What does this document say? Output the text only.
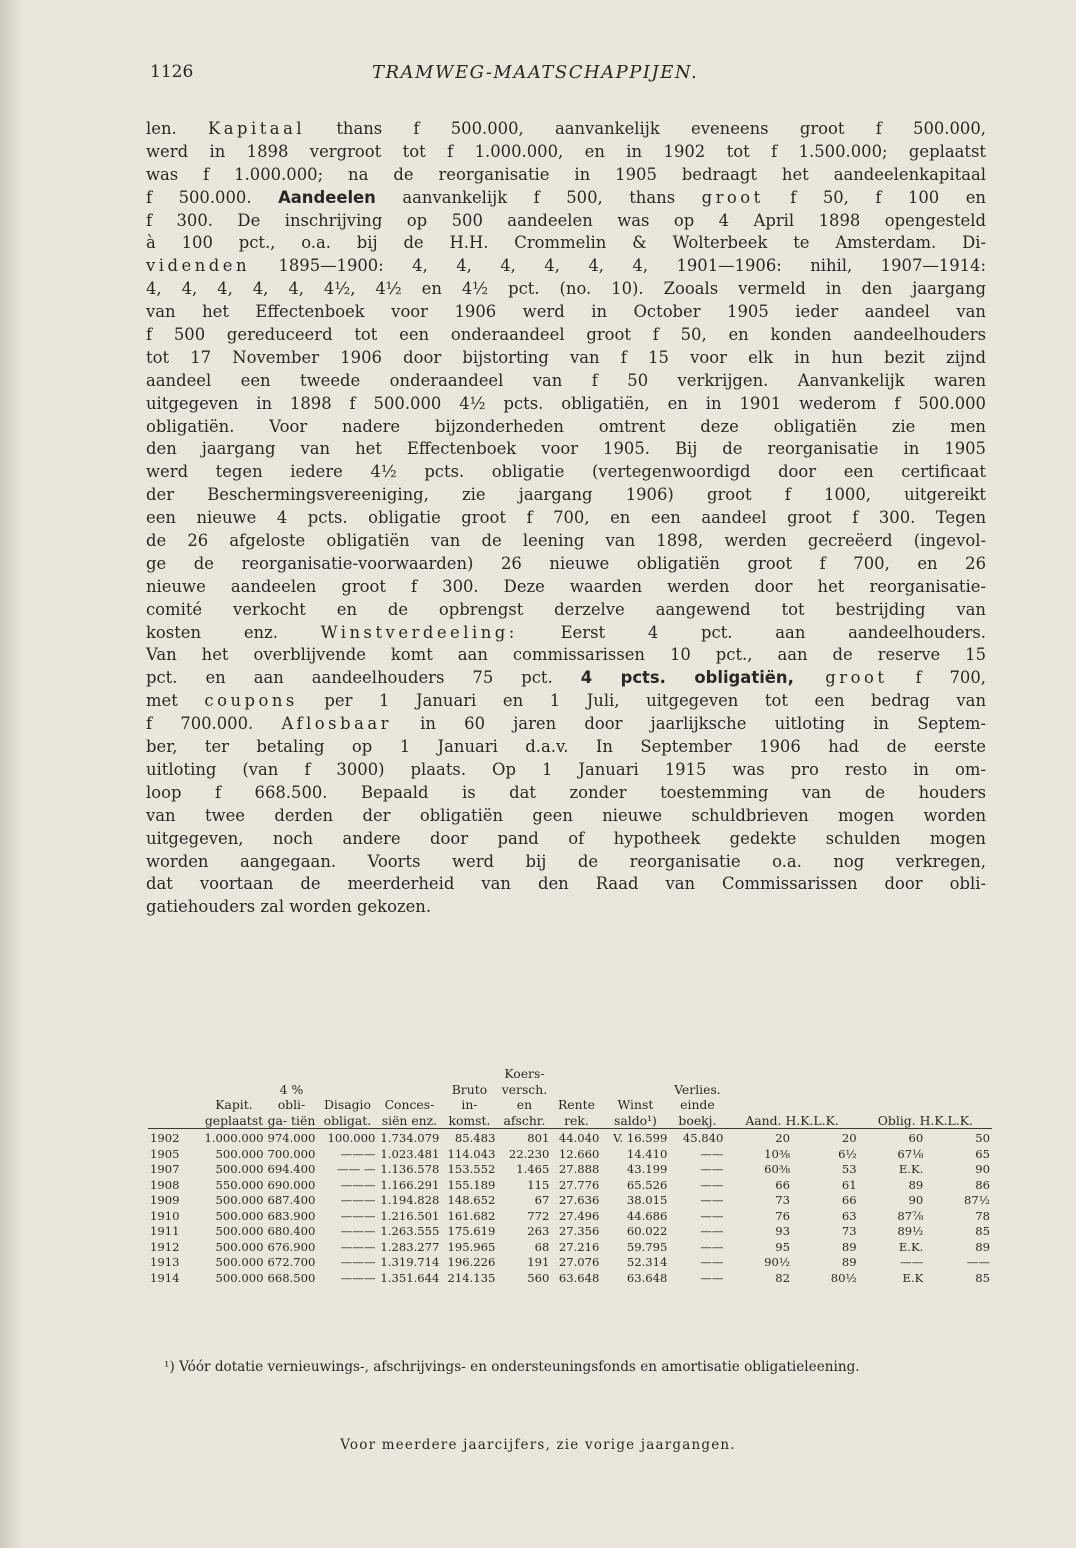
1126	TRAMWEG-MAATSCHAPPIJEN.
len. Kapitaal thans f 500.000, aanvankelijk eveneens groot f 500.000,
werd in 1898 vergroot tot f 1.000.000, en in 1902 tot f 1.500.000; geplaatst
was f 1.000.000; na de reorganisatie in 1905 bedraagt het aandeelenkapitaal
f 500.000. Aandeelen aanvankelijk f 500, thans groot f 50, f 100 en
f 300. De inschrijving op 500 aandeelen was op 4 April 1898 opengesteld
à 100 pct., o.a. bij de H.H. Crommelin & Wolterbeek te Amsterdam. Di-
videnden 1895—1900: 4, 4, 4, 4, 4, 4, 1901—1906: nihil, 1907—1914:
4, 4, 4, 4, 4, 4½, 4½ en 4½ pct. (no. 10). Zooals vermeld in den jaargang
van het Effectenboek voor 1906 werd in October 1905 ieder aandeel van
f 500 gereduceerd tot een onderaandeel groot f 50, en konden aandeelhouders
tot 17 November 1906 door bijstorting van f 15 voor elk in hun bezit zijnd
aandeel een tweede onderaandeel van f 50 verkrijgen. Aanvankelijk waren
uitgegeven in 1898 f 500.000 4½ pcts. obligatiën, en in 1901 wederom f 500.000
obligatiën. Voor nadere bijzonderheden omtrent deze obligatiën zie men
den jaargang van het Effectenboek voor 1905. Bij de reorganisatie in 1905
werd tegen iedere 4½ pcts. obligatie (vertegenwoordigd door een certificaat
der Beschermingsvereeniging, zie jaargang 1906) groot f 1000, uitgereikt
een nieuwe 4 pcts. obligatie groot f 700, en een aandeel groot f 300. Tegen
de 26 afgeloste obligatiën van de leening van 1898, werden gecreëerd (ingevol-
ge de reorganisatie-voorwaarden) 26 nieuwe obligatiën groot f 700, en 26
nieuwe aandeelen groot f 300. Deze waarden werden door het reorganisatie-
comité verkocht en de opbrengst derzelve aangewend tot bestrijding van
kosten enz. Winstverdeeling: Eerst 4 pct. aan aandeelhouders.
Van het overblijvende komt aan commissarissen 10 pct., aan de reserve 15
pct. en aan aandeelhouders 75 pct. 4 pcts. obligatiën, groot f 700,
met coupons per 1 Januari en 1 Juli, uitgegeven tot een bedrag van
f 700.000. Aflosbaar in 60 jaren door jaarlijksche uitloting in Septem-
ber, ter betaling op 1 Januari d.a.v. In September 1906 had de eerste
uitloting (van f 3000) plaats. Op 1 Januari 1915 was pro resto in om-
loop f 668.500. Bepaald is dat zonder toestemming van de houders
van twee derden der obligatiën geen nieuwe schuldbrieven mogen worden
uitgegeven, noch andere door pand of hypotheek gedekte schulden mogen
worden aangegaan. Voorts werd bij de reorganisatie o.a. nog verkregen,
dat voortaan de meerderheid van den Raad van Commissarissen door obli-
gatiehouders zal worden gekozen.
	Kapit. geplaatst	4 % obli- ga- tiën	Disagio obligat.	Conces- siën enz.	Bruto in- komst.	Koers- versch. en afschr.	Rente rek.	Winst saldo¹)	Verlies. einde boekj.	Aand. H.K.L.K.		Oblig. H.K.L.K.	

1902	1.000.000	974.000	100.000	1.734.079	85.483	801	44.040	V. 16.599	45.840	20	20	60	50
1905	500.000	700.000	———	1.023.481	114.043	22.230	12.660	14.410	——	10⅜	6½	67⅛	65
1907	500.000	694.400	—— —	1.136.578	153.552	1.465	27.888	43.199	——	60⅜	53	E.K.	90
1908	550.000	690.000	———	1.166.291	155.189	115	27.776	65.526	——	66	61	89	86
1909	500.000	687.400	———	1.194.828	148.652	67	27.636	38.015	——	73	66	90	87½
1910	500.000	683.900	———	1.216.501	161.682	772	27.496	44.686	——	76	63	87⅞	78
1911	500.000	680.400	———	1.263.555	175.619	263	27.356	60.022	——	93	73	89½	85
1912	500.000	676.900	———	1.283.277	195.965	68	27.216	59.795	——	95	89	E.K.	89
1913	500.000	672.700	———	1.319.714	196.226	191	27.076	52.314	——	90½	89	——	——
1914	500.000	668.500	———	1.351.644	214.135	560	63.648	63.648	——	82	80½	E.K	85
¹) Vóór dotatie vernieuwings-, afschrijvings- en ondersteuningsfonds en amortisatie obligatieleening.
Voor meerdere jaarcijfers, zie vorige jaargangen.
